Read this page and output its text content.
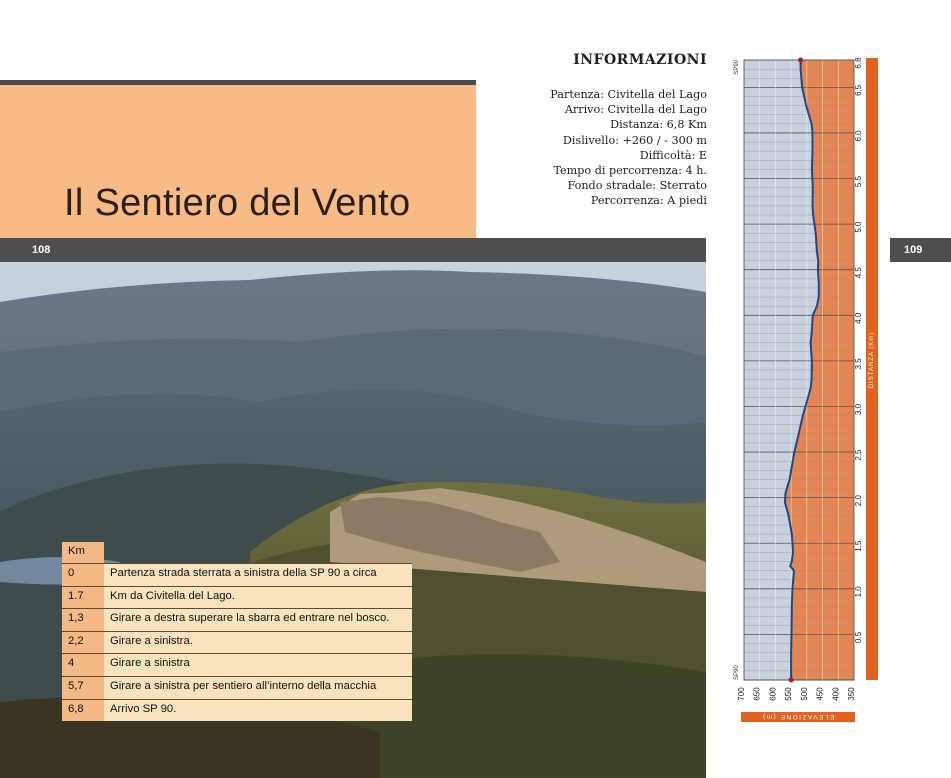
Il Sentiero del Vento
108	109
INFORMAZIONI
Partenza: Civitella del Lago
Arrivo: Civitella del Lago
Distanza: 6,8 Km
Dislivello: +260 / - 300 m
Difficoltà: E
Tempo di percorrenza: 4 h.
Fondo stradale: Sterrato
Percorrenza: A piedi
Km
0	Partenza strada sterrata a sinistra della SP 90 a circa
1.7	Km da Civitella del Lago.
1,3	Girare a destra superare la sbarra ed entrare nel bosco.
2,2	Girare a sinistra.
4	Girare a sinistra
5,7	Girare a sinistra per sentiero all’interno della macchia
6,8	Arrivo SP 90.
DISTANZA (Km)
ELEVAZIONE (m)
0.5
1.0
1.5
2.0
2.5
3.0
3.5
4.0
4.5
5.0
5.5
6.0
6.5
6.8
700 650 600 550 500 450 400 350
SP90
SP90
